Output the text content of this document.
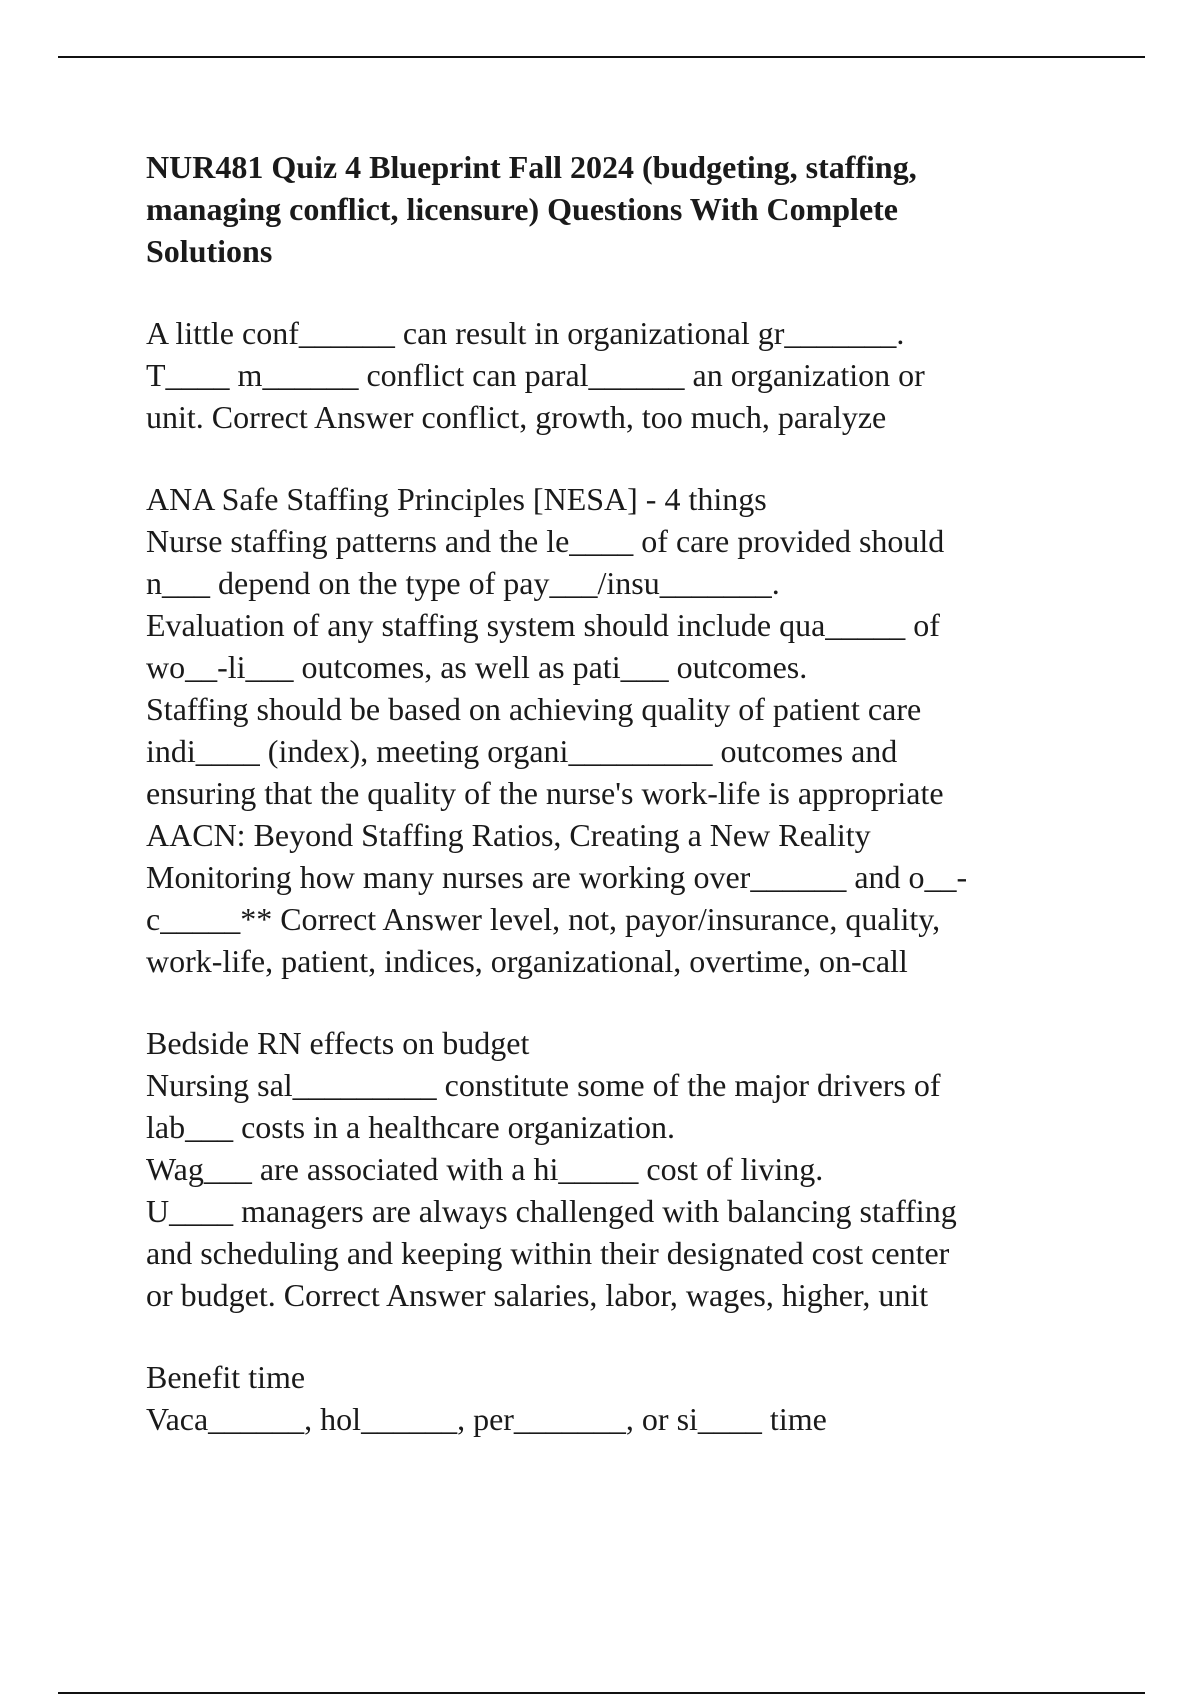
NUR481 Quiz 4 Blueprint Fall 2024 (budgeting, staffing,
managing conflict, licensure) Questions With Complete
Solutions
A little conf______ can result in organizational gr_______.
T____ m______ conflict can paral______ an organization or
unit. Correct Answer conflict, growth, too much, paralyze
ANA Safe Staffing Principles [NESA] - 4 things
Nurse staffing patterns and the le____ of care provided should
n___ depend on the type of pay___/insu_______.
Evaluation of any staffing system should include qua_____ of
wo__-li___ outcomes, as well as pati___ outcomes.
Staffing should be based on achieving quality of patient care
indi____ (index), meeting organi_________ outcomes and
ensuring that the quality of the nurse's work-life is appropriate
AACN: Beyond Staffing Ratios, Creating a New Reality
Monitoring how many nurses are working over______ and o__-
c_____** Correct Answer level, not, payor/insurance, quality,
work-life, patient, indices, organizational, overtime, on-call
Bedside RN effects on budget
Nursing sal_________ constitute some of the major drivers of
lab___ costs in a healthcare organization.
Wag___ are associated with a hi_____ cost of living.
U____ managers are always challenged with balancing staffing
and scheduling and keeping within their designated cost center
or budget. Correct Answer salaries, labor, wages, higher, unit
Benefit time
Vaca______, hol______, per_______, or si____ time
